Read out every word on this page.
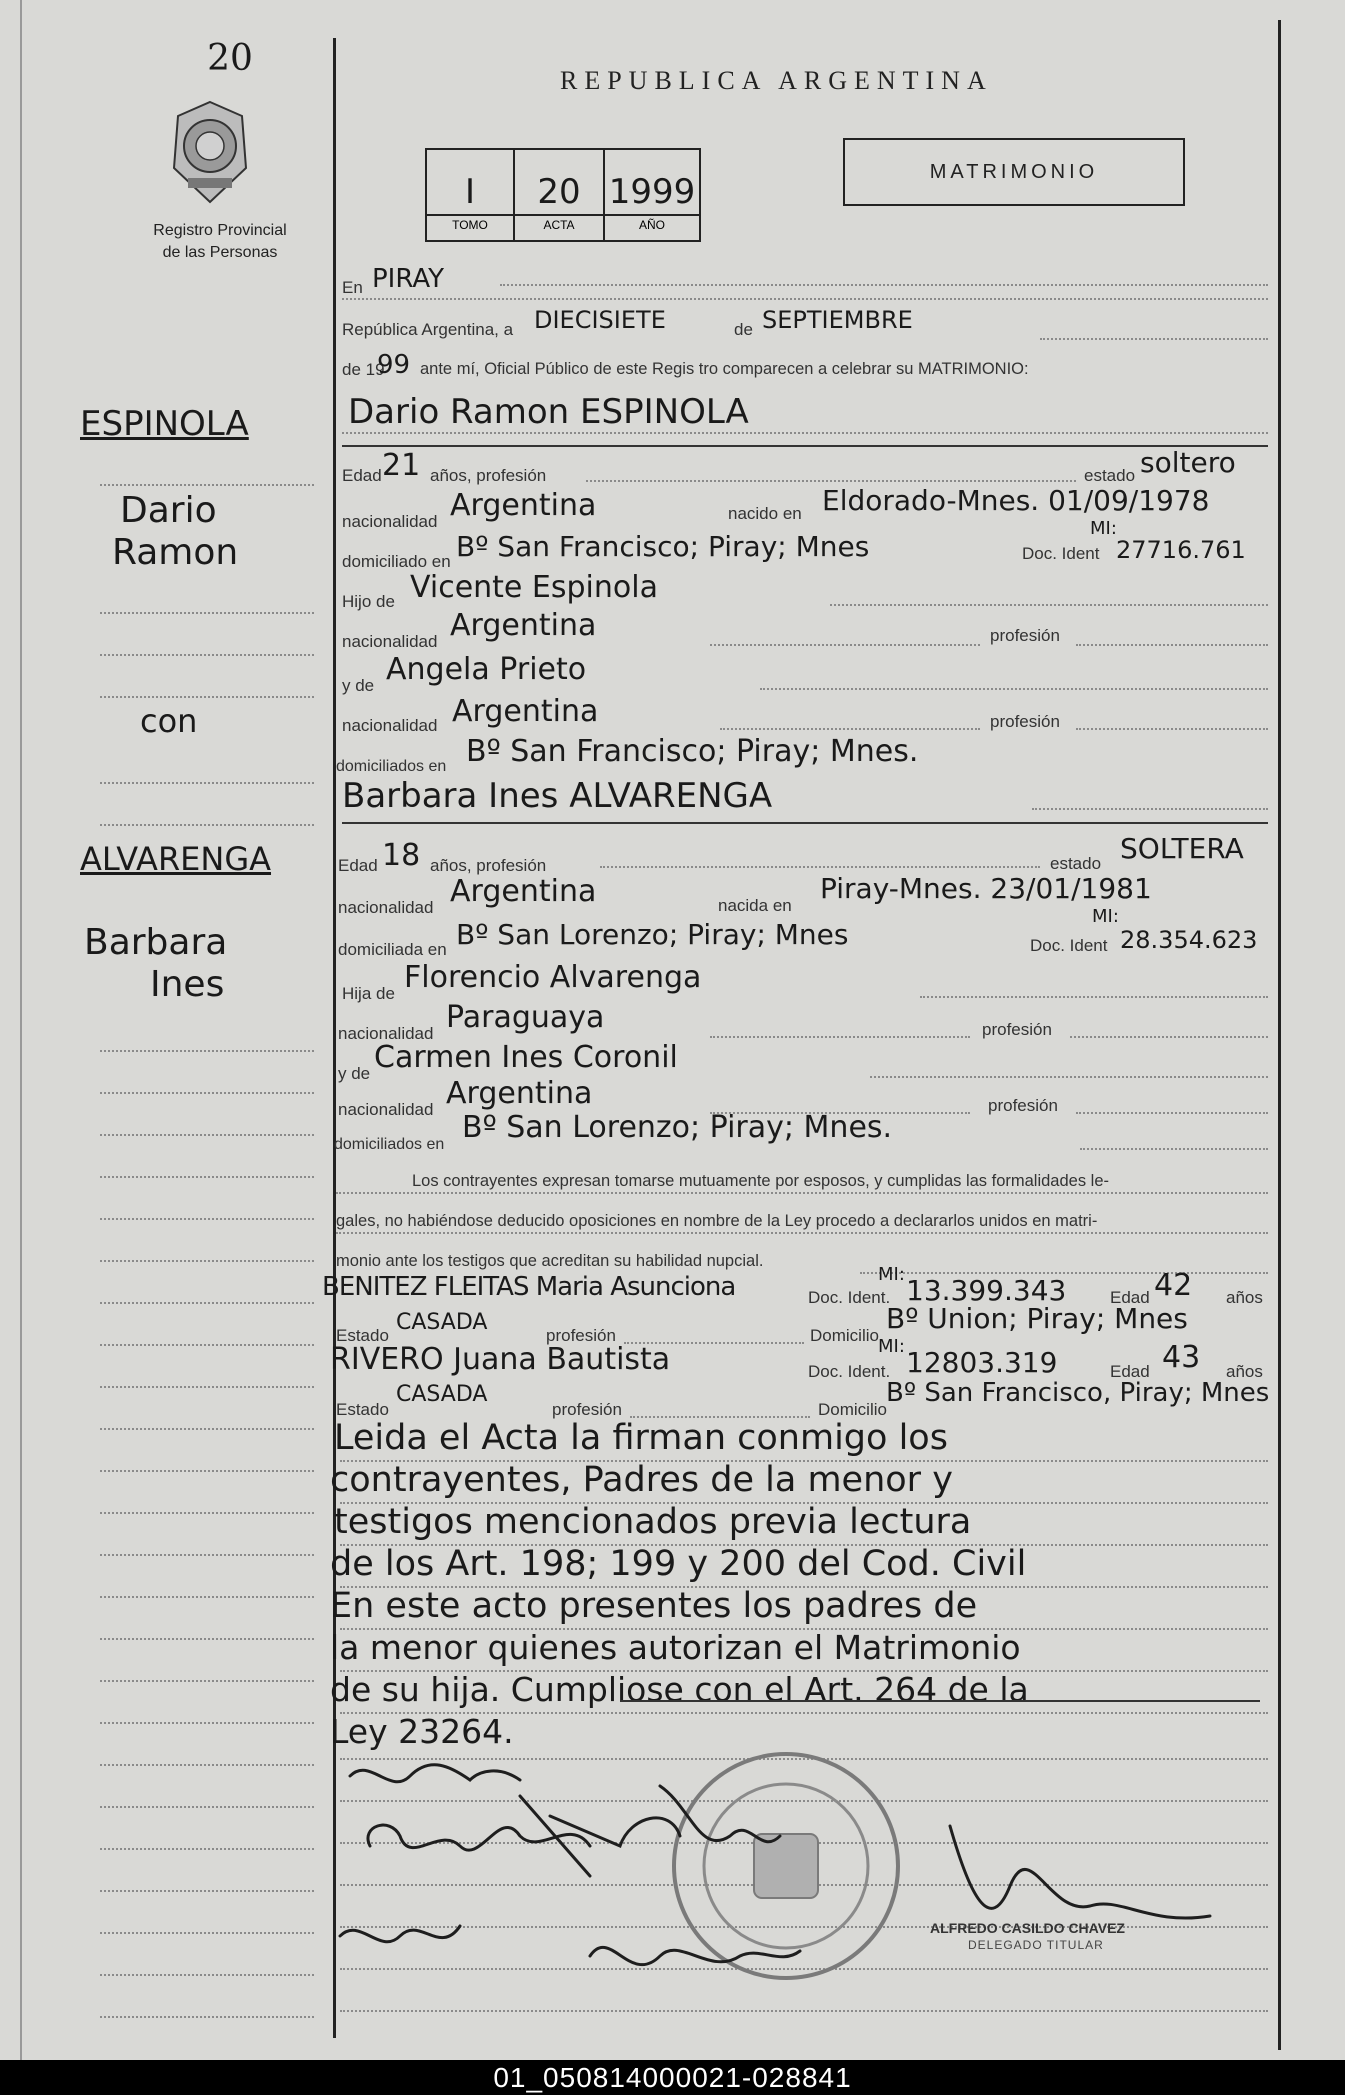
20
Registro Provincial
de las Personas
REPUBLICA ARGENTINA
I	20 1999
TOMO	ACTA	AÑO
MATRIMONIO
ESPINOLA
Dario
Ramon
con
ALVARENGA
Barbara
Ines
En PIRAY
República Argentina, a DIECISIETE	de SEPTIEMBRE
de 19
99 ante mí, Oficial Público de este Regis tro comparecen a celebrar su MATRIMONIO:
Dario Ramon ESPINOLA
Edad 21 años, profesión	estado soltero
nacionalidad Argentina	nacido en Eldorado-Mnes. 01/09/1978
domiciliado en Bº San Francisco; Piray; Mnes	Doc. Ident
MI:
27716.761
Hijo de Vicente Espinola
nacionalidad Argentina	profesión
y de Angela Prieto
nacionalidad Argentina	profesión
domiciliados en Bº San Francisco; Piray; Mnes.
Barbara Ines ALVARENGA
Edad 18 años, profesión	estado SOLTERA
nacionalidad Argentina	nacida en
Piray-Mnes. 23/01/1981
domiciliada en Bº San Lorenzo; Piray; Mnes	Doc. Ident
MI:
28.354.623
Hija de Florencio Alvarenga
nacionalidad Paraguaya	profesión
y de Carmen Ines Coronil
nacionalidad Argentina	profesión
domiciliados en Bº San Lorenzo; Piray; Mnes.
Los contrayentes expresan tomarse mutuamente por esposos, y cumplidas las formalidades le-
gales, no habiéndose deducido oposiciones en nombre de la Ley procedo a declararlos unidos en matri-
monio ante los testigos que acreditan su habilidad nupcial.
BENITEZ FLEITAS Maria Asunciona	Doc. Ident.
MI: 13.399.343	Edad 42 años
Estado
CASADA
profesión	Domicilio
Bº Union; Piray; Mnes
RIVERO Juana Bautista	Doc. Ident.
MI: 12803.319	Edad 43 años
Estado
CASADA
profesión	Domicilio
Bº San Francisco, Piray; Mnes
Leida el Acta la firman conmigo los
contrayentes, Padres de la menor y
testigos mencionados previa lectura
de los Art. 198; 199 y 200 del Cod. Civil
En este acto presentes los padres de
la menor quienes autorizan el Matrimonio
de su hija. Cumpliose con el Art. 264 de la
Ley 23264.
ALFREDO CASILDO CHAVEZ
DELEGADO TITULAR
01_050814000021-028841
